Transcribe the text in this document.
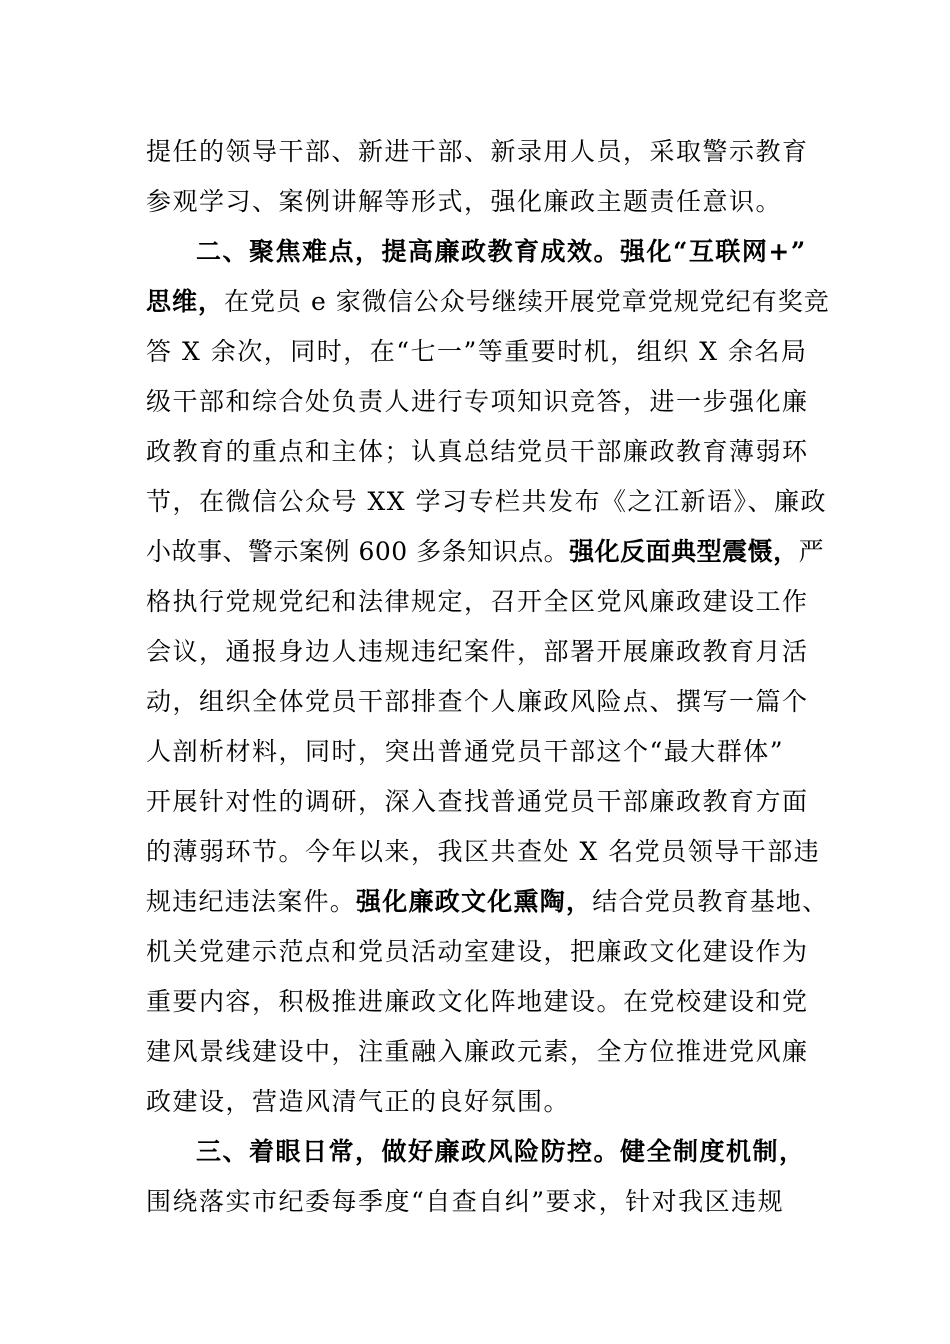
提任的领导干部、新进干部、新录用人员，采取警示教育
参观学习、案例讲解等形式，强化廉政主题责任意识。
二、聚焦难点，提高廉政教育成效。强化“互联网+”
思维，在党员 e 家微信公众号继续开展党章党规党纪有奖竞
答 X 余次，同时，在“七一”等重要时机，组织 X 余名局
级干部和综合处负责人进行专项知识竞答，进一步强化廉
政教育的重点和主体；认真总结党员干部廉政教育薄弱环
节，在微信公众号 XX 学习专栏共发布《之江新语》、廉政
小故事、警示案例 600 多条知识点。强化反面典型震慑，严
格执行党规党纪和法律规定，召开全区党风廉政建设工作
会议，通报身边人违规违纪案件，部署开展廉政教育月活
动，组织全体党员干部排查个人廉政风险点、撰写一篇个
人剖析材料，同时，突出普通党员干部这个“最大群体”
开展针对性的调研，深入查找普通党员干部廉政教育方面
的薄弱环节。今年以来，我区共查处 X 名党员领导干部违
规违纪违法案件。强化廉政文化熏陶，结合党员教育基地、
机关党建示范点和党员活动室建设，把廉政文化建设作为
重要内容，积极推进廉政文化阵地建设。在党校建设和党
建风景线建设中，注重融入廉政元素，全方位推进党风廉
政建设，营造风清气正的良好氛围。
三、着眼日常，做好廉政风险防控。健全制度机制，
围绕落实市纪委每季度“自查自纠”要求，针对我区违规
